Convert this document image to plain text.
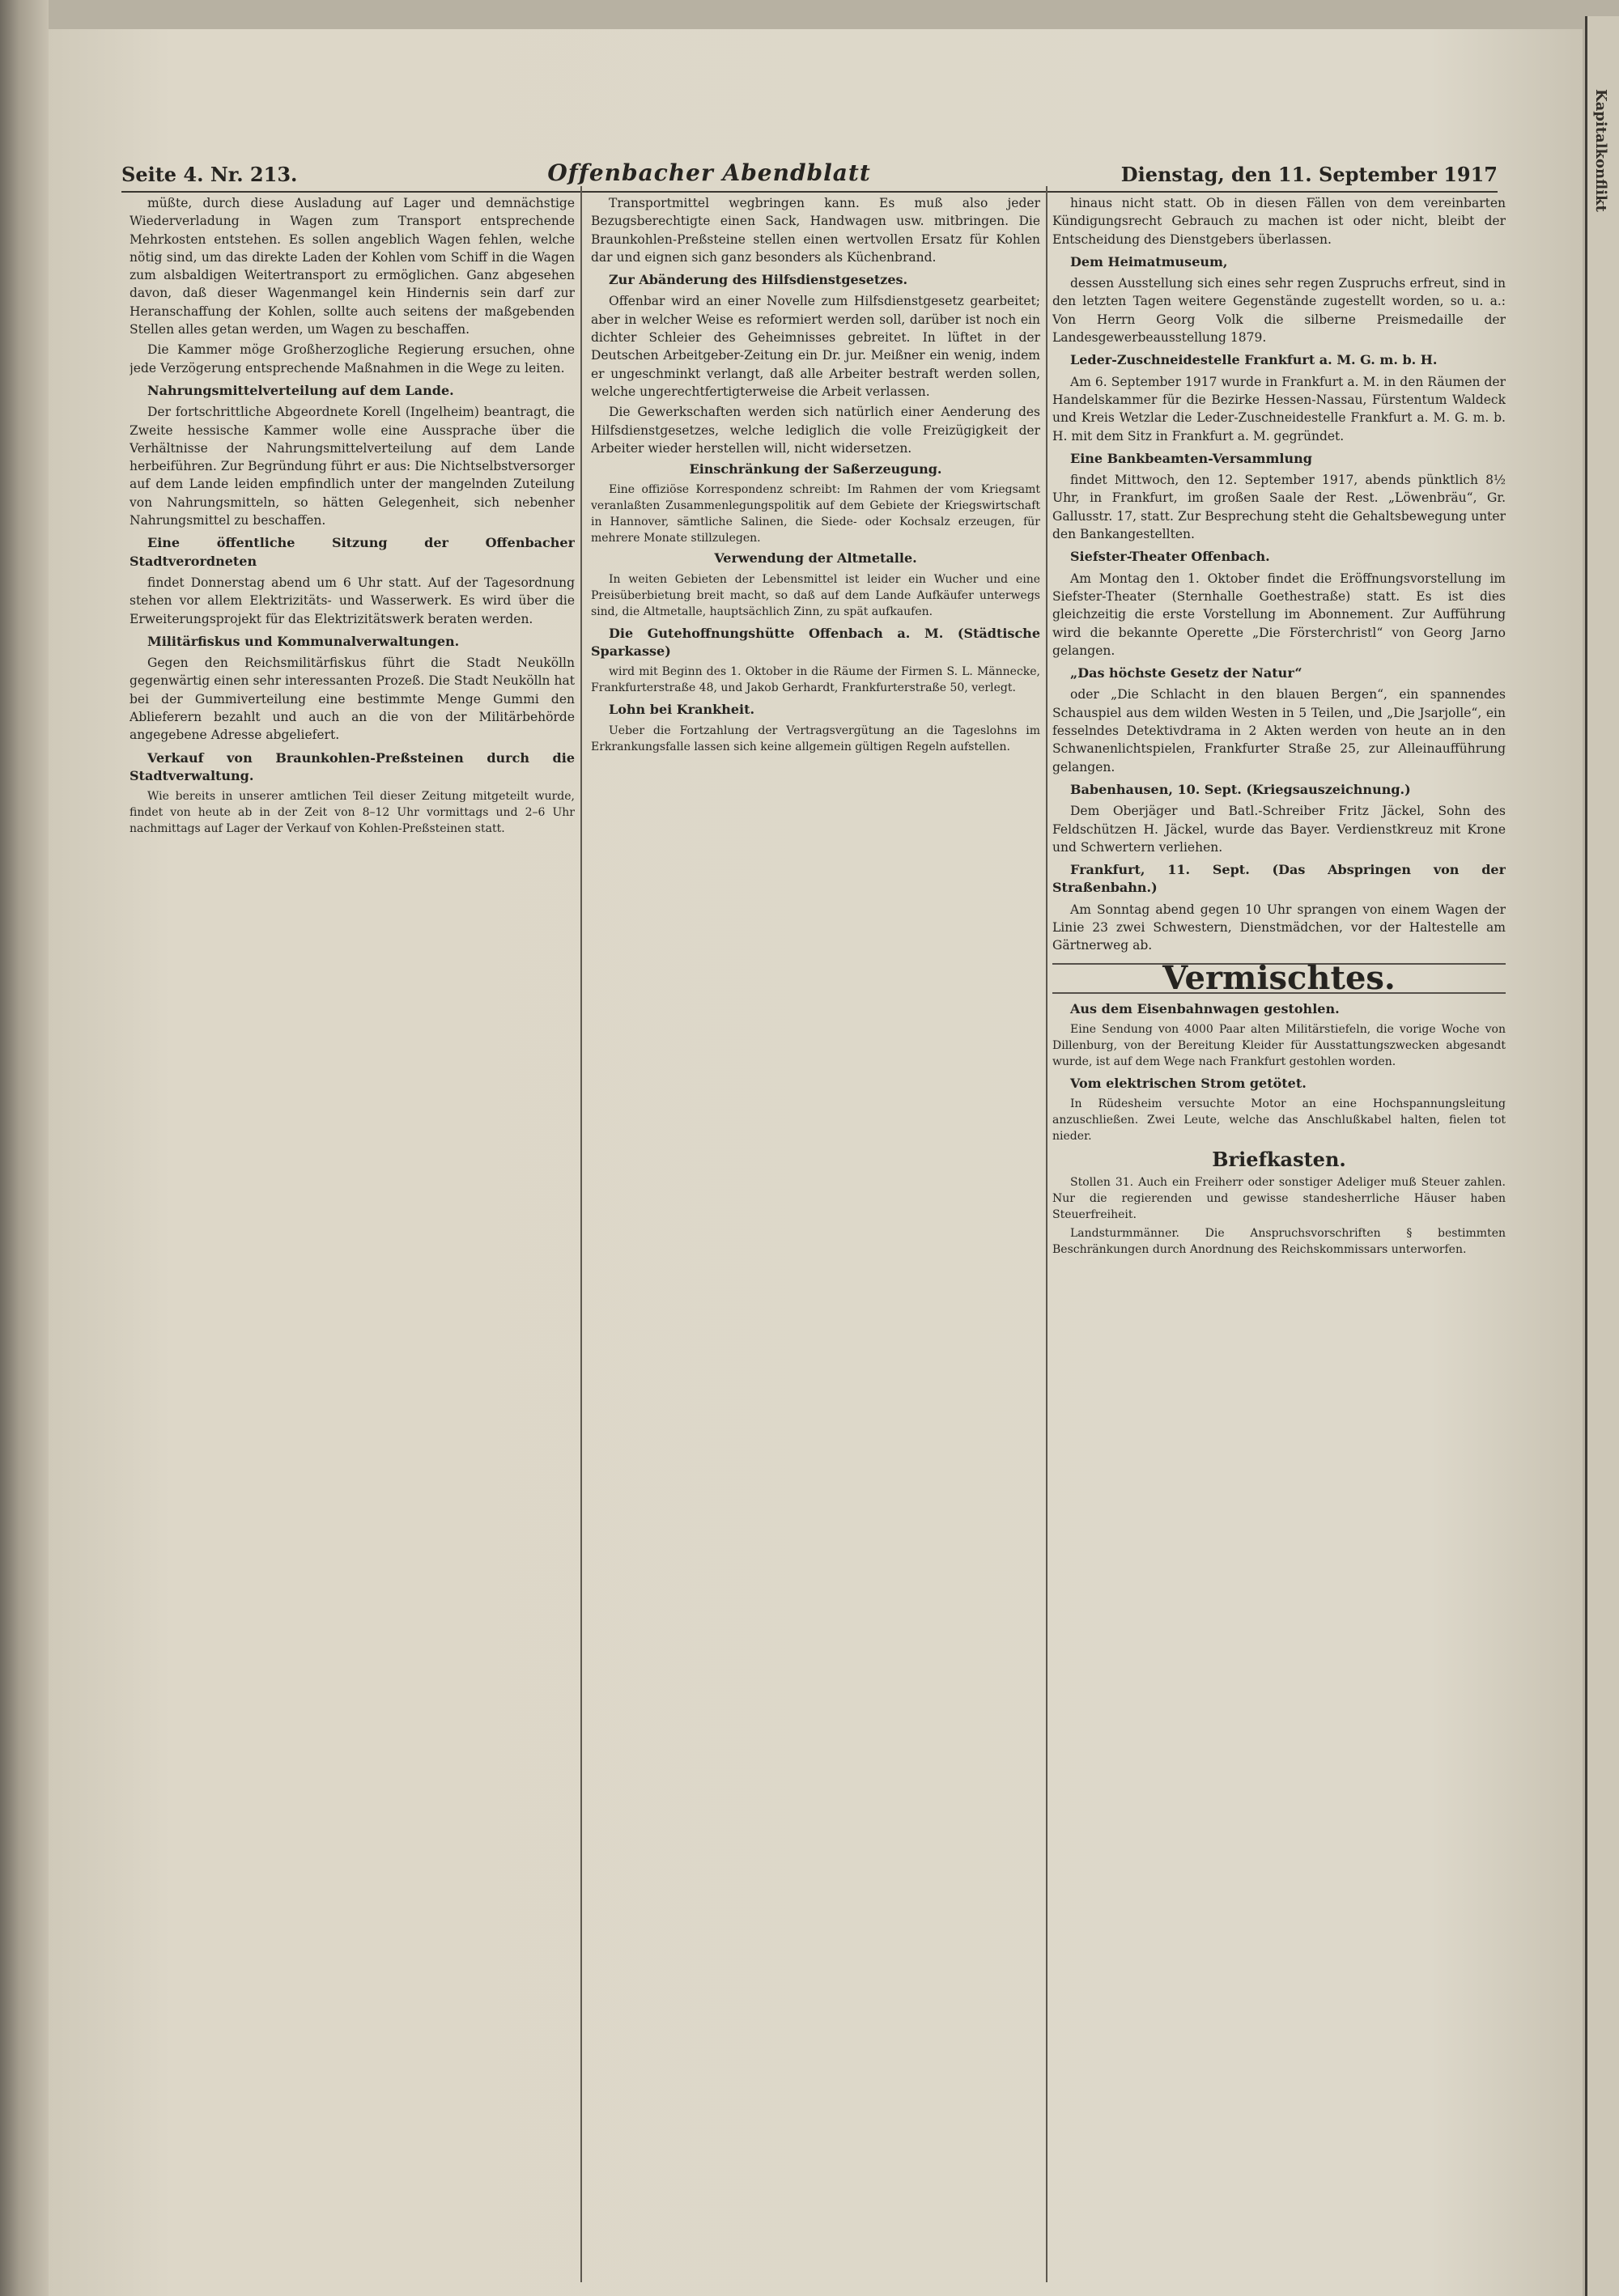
Kapitalkonflikt
Seite 4. Nr. 213.	Offenbacher Abendblatt	Dienstag, den 11. September 1917

müßte, durch diese Ausladung auf Lager und demnächstige Wiederverladung in Wagen zum Transport entsprechende Mehrkosten entstehen. Es sollen angeblich Wagen fehlen, welche nötig sind, um das direkte Laden der Kohlen vom Schiff in die Wagen zum alsbaldigen Weitertransport zu ermöglichen. Ganz abgesehen davon, daß dieser Wagenmangel kein Hindernis sein darf zur Heranschaffung der Kohlen, sollte auch seitens der maßgebenden Stellen alles getan werden, um Wagen zu beschaffen.

Die Kammer möge Großherzogliche Regierung ersuchen, ohne jede Verzögerung entsprechende Maßnahmen in die Wege zu leiten.

Nahrungsmittelverteilung auf dem Lande.

Der fortschrittliche Abgeordnete Korell (Ingelheim) beantragt, die Zweite hessische Kammer wolle eine Aussprache über die Verhältnisse der Nahrungsmittelverteilung auf dem Lande herbeiführen. Zur Begründung führt er aus: Die Nichtselbstversorger auf dem Lande leiden empfindlich unter der mangelnden Zuteilung von Nahrungsmitteln, so hätten Gelegenheit, sich nebenher Nahrungsmittel zu beschaffen.

Eine öffentliche Sitzung der Offenbacher Stadtverordneten

findet Donnerstag abend um 6 Uhr statt. Auf der Tagesordnung stehen vor allem Elektrizitäts- und Wasserwerk. Es wird über die Erweiterungsprojekt für das Elektrizitätswerk beraten werden.

Militärfiskus und Kommunalverwaltungen.

Gegen den Reichsmilitärfiskus führt die Stadt Neukölln gegenwärtig einen sehr interessanten Prozeß. Die Stadt Neukölln hat bei der Gummiverteilung eine bestimmte Menge Gummi den Ablieferern bezahlt und auch an die von der Militärbehörde angegebene Adresse abgeliefert.

Verkauf von Braunkohlen-Preßsteinen durch die Stadtverwaltung.

Wie bereits in unserer amtlichen Teil dieser Zeitung mitgeteilt wurde, findet von heute ab in der Zeit von 8–12 Uhr vormittags und 2–6 Uhr nachmittags auf Lager der Verkauf von Kohlen-Preßsteinen statt.

Transportmittel wegbringen kann. Es muß also jeder Bezugsberechtigte einen Sack, Handwagen usw. mitbringen. Die Braunkohlen-Preßsteine stellen einen wertvollen Ersatz für Kohlen dar und eignen sich ganz besonders als Küchenbrand.

Zur Abänderung des Hilfsdienstgesetzes.

Offenbar wird an einer Novelle zum Hilfsdienstgesetz gearbeitet; aber in welcher Weise es reformiert werden soll, darüber ist noch ein dichter Schleier des Geheimnisses gebreitet. In lüftet in der Deutschen Arbeitgeber-Zeitung ein Dr. jur. Meißner ein wenig, indem er ungeschminkt verlangt, daß alle Arbeiter bestraft werden sollen, welche ungerechtfertigterweise die Arbeit verlassen.

Die Gewerkschaften werden sich natürlich einer Aenderung des Hilfsdienstgesetzes, welche lediglich die volle Freizügigkeit der Arbeiter wieder herstellen will, nicht widersetzen.

Einschränkung der Saßerzeugung.

Eine offiziöse Korrespondenz schreibt: Im Rahmen der vom Kriegsamt veranlaßten Zusammenlegungspolitik auf dem Gebiete der Kriegswirtschaft in Hannover, sämtliche Salinen, die Siede- oder Kochsalz erzeugen, für mehrere Monate stillzulegen.

Verwendung der Altmetalle.

In weiten Gebieten der Lebensmittel ist leider ein Wucher und eine Preisüberbietung breit macht, so daß auf dem Lande Aufkäufer unterwegs sind, die Altmetalle, hauptsächlich Zinn, zu spät aufkaufen.

Die Gutehoffnungshütte Offenbach a. M. (Städtische Sparkasse)

wird mit Beginn des 1. Oktober in die Räume der Firmen S. L. Männecke, Frankfurterstraße 48, und Jakob Gerhardt, Frankfurterstraße 50, verlegt.

Lohn bei Krankheit.

Ueber die Fortzahlung der Vertragsvergütung an die Tageslohns im Erkrankungsfalle lassen sich keine allgemein gültigen Regeln aufstellen.

hinaus nicht statt. Ob in diesen Fällen von dem vereinbarten Kündigungsrecht Gebrauch zu machen ist oder nicht, bleibt der Entscheidung des Dienstgebers überlassen.

Dem Heimatmuseum,

dessen Ausstellung sich eines sehr regen Zuspruchs erfreut, sind in den letzten Tagen weitere Gegenstände zugestellt worden, so u. a.: Von Herrn Georg Volk die silberne Preismedaille der Landesgewerbeausstellung 1879.

Leder-Zuschneidestelle Frankfurt a. M. G. m. b. H.

Am 6. September 1917 wurde in Frankfurt a. M. in den Räumen der Handelskammer für die Bezirke Hessen-Nassau, Fürstentum Waldeck und Kreis Wetzlar die Leder-Zuschneidestelle Frankfurt a. M. G. m. b. H. mit dem Sitz in Frankfurt a. M. gegründet.

Eine Bankbeamten-Versammlung

findet Mittwoch, den 12. September 1917, abends pünktlich 8½ Uhr, in Frankfurt, im großen Saale der Rest. „Löwenbräu“, Gr. Gallusstr. 17, statt. Zur Besprechung steht die Gehaltsbewegung unter den Bankangestellten.

Siefster-Theater Offenbach.

Am Montag den 1. Oktober findet die Eröffnungsvorstellung im Siefster-Theater (Sternhalle Goethestraße) statt. Es ist dies gleichzeitig die erste Vorstellung im Abonnement. Zur Aufführung wird die bekannte Operette „Die Försterchristl“ von Georg Jarno gelangen.

„Das höchste Gesetz der Natur“

oder „Die Schlacht in den blauen Bergen“, ein spannendes Schauspiel aus dem wilden Westen in 5 Teilen, und „Die Jsarjolle“, ein fesselndes Detektivdrama in 2 Akten werden von heute an in den Schwanenlichtspielen, Frankfurter Straße 25, zur Alleinaufführung gelangen.

Babenhausen, 10. Sept. (Kriegsauszeichnung.)

Dem Oberjäger und Batl.-Schreiber Fritz Jäckel, Sohn des Feldschützen H. Jäckel, wurde das Bayer. Verdienstkreuz mit Krone und Schwertern verliehen.

Frankfurt, 11. Sept. (Das Abspringen von der Straßenbahn.)

Am Sonntag abend gegen 10 Uhr sprangen von einem Wagen der Linie 23 zwei Schwestern, Dienstmädchen, vor der Haltestelle am Gärtnerweg ab.

Vermischtes.
Aus dem Eisenbahnwagen gestohlen.

Eine Sendung von 4000 Paar alten Militärstiefeln, die vorige Woche von Dillenburg, von der Bereitung Kleider für Ausstattungszwecken abgesandt wurde, ist auf dem Wege nach Frankfurt gestohlen worden.

Vom elektrischen Strom getötet.

In Rüdesheim versuchte Motor an eine Hochspannungsleitung anzuschließen. Zwei Leute, welche das Anschlußkabel halten, fielen tot nieder.

Briefkasten.

Stollen 31. Auch ein Freiherr oder sonstiger Adeliger muß Steuer zahlen. Nur die regierenden und gewisse standesherrliche Häuser haben Steuerfreiheit.

Landsturmmänner. Die Anspruchsvorschriften § bestimmten Beschränkungen durch Anordnung des Reichskommissars unterworfen.
